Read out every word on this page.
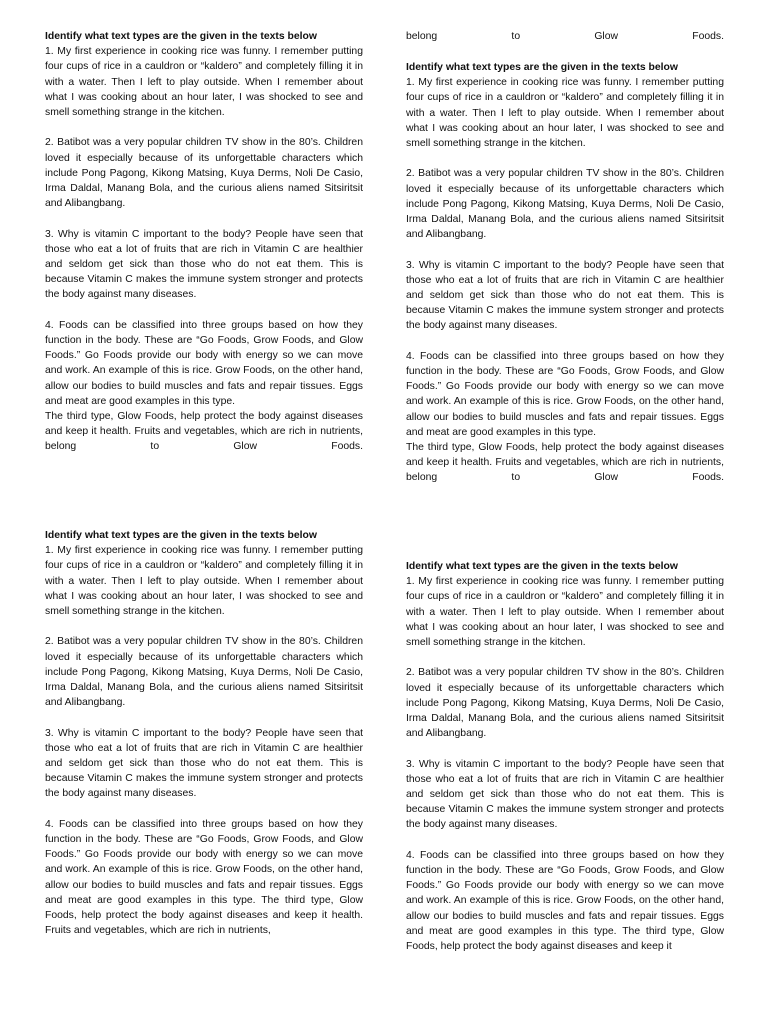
Identify what text types are the given in the texts below

1. My first experience in cooking rice was funny. I remember putting four cups of rice in a cauldron or “kaldero” and completely filling it in with a water. Then I left to play outside. When I remember about what I was cooking about an hour later, I was shocked to see and smell something strange in the kitchen.

2. Batibot was a very popular children TV show in the 80’s. Children loved it especially because of its unforgettable characters which include Pong Pagong, Kikong Matsing, Kuya Derms, Noli De Casio, Irma Daldal, Manang Bola, and the curious aliens named Sitsiritsit and Alibangbang.

3. Why is vitamin C important to the body? People have seen that those who eat a lot of fruits that are rich in Vitamin C are healthier and seldom get sick than those who do not eat them. This is because Vitamin C makes the immune system stronger and protects the body against many diseases.

4. Foods can be classified into three groups based on how they function in the body. These are “Go Foods, Grow Foods, and Glow Foods.” Go Foods provide our body with energy so we can move and work. An example of this is rice. Grow Foods, on the other hand, allow our bodies to build muscles and fats and repair tissues. Eggs and meat are good examples in this type.

The third type, Glow Foods, help protect the body against diseases and keep it health. Fruits and vegetables, which are rich in nutrients, belong to Glow Foods.

Identify what text types are the given in the texts below

1. My first experience in cooking rice was funny. I remember putting four cups of rice in a cauldron or “kaldero” and completely filling it in with a water. Then I left to play outside. When I remember about what I was cooking about an hour later, I was shocked to see and smell something strange in the kitchen.

2. Batibot was a very popular children TV show in the 80’s. Children loved it especially because of its unforgettable characters which include Pong Pagong, Kikong Matsing, Kuya Derms, Noli De Casio, Irma Daldal, Manang Bola, and the curious aliens named Sitsiritsit and Alibangbang.

3. Why is vitamin C important to the body? People have seen that those who eat a lot of fruits that are rich in Vitamin C are healthier and seldom get sick than those who do not eat them. This is because Vitamin C makes the immune system stronger and protects the body against many diseases.

4. Foods can be classified into three groups based on how they function in the body. These are “Go Foods, Grow Foods, and Glow Foods.” Go Foods provide our body with energy so we can move and work. An example of this is rice. Grow Foods, on the other hand, allow our bodies to build muscles and fats and repair tissues. Eggs and meat are good examples in this type. The third type, Glow Foods, help protect the body against diseases and keep it health. Fruits and vegetables, which are rich in nutrients,

belong to Glow Foods.

Identify what text types are the given in the texts below

1. My first experience in cooking rice was funny. I remember putting four cups of rice in a cauldron or “kaldero” and completely filling it in with a water. Then I left to play outside. When I remember about what I was cooking about an hour later, I was shocked to see and smell something strange in the kitchen.

2. Batibot was a very popular children TV show in the 80’s. Children loved it especially because of its unforgettable characters which include Pong Pagong, Kikong Matsing, Kuya Derms, Noli De Casio, Irma Daldal, Manang Bola, and the curious aliens named Sitsiritsit and Alibangbang.

3. Why is vitamin C important to the body? People have seen that those who eat a lot of fruits that are rich in Vitamin C are healthier and seldom get sick than those who do not eat them. This is because Vitamin C makes the immune system stronger and protects the body against many diseases.

4. Foods can be classified into three groups based on how they function in the body. These are “Go Foods, Grow Foods, and Glow Foods.” Go Foods provide our body with energy so we can move and work. An example of this is rice. Grow Foods, on the other hand, allow our bodies to build muscles and fats and repair tissues. Eggs and meat are good examples in this type.

The third type, Glow Foods, help protect the body against diseases and keep it health. Fruits and vegetables, which are rich in nutrients, belong to Glow Foods.

Identify what text types are the given in the texts below

1. My first experience in cooking rice was funny. I remember putting four cups of rice in a cauldron or “kaldero” and completely filling it in with a water. Then I left to play outside. When I remember about what I was cooking about an hour later, I was shocked to see and smell something strange in the kitchen.

2. Batibot was a very popular children TV show in the 80’s. Children loved it especially because of its unforgettable characters which include Pong Pagong, Kikong Matsing, Kuya Derms, Noli De Casio, Irma Daldal, Manang Bola, and the curious aliens named Sitsiritsit and Alibangbang.

3. Why is vitamin C important to the body? People have seen that those who eat a lot of fruits that are rich in Vitamin C are healthier and seldom get sick than those who do not eat them. This is because Vitamin C makes the immune system stronger and protects the body against many diseases.

4. Foods can be classified into three groups based on how they function in the body. These are “Go Foods, Grow Foods, and Glow Foods.” Go Foods provide our body with energy so we can move and work. An example of this is rice. Grow Foods, on the other hand, allow our bodies to build muscles and fats and repair tissues. Eggs and meat are good examples in this type. The third type, Glow Foods, help protect the body against diseases and keep it
